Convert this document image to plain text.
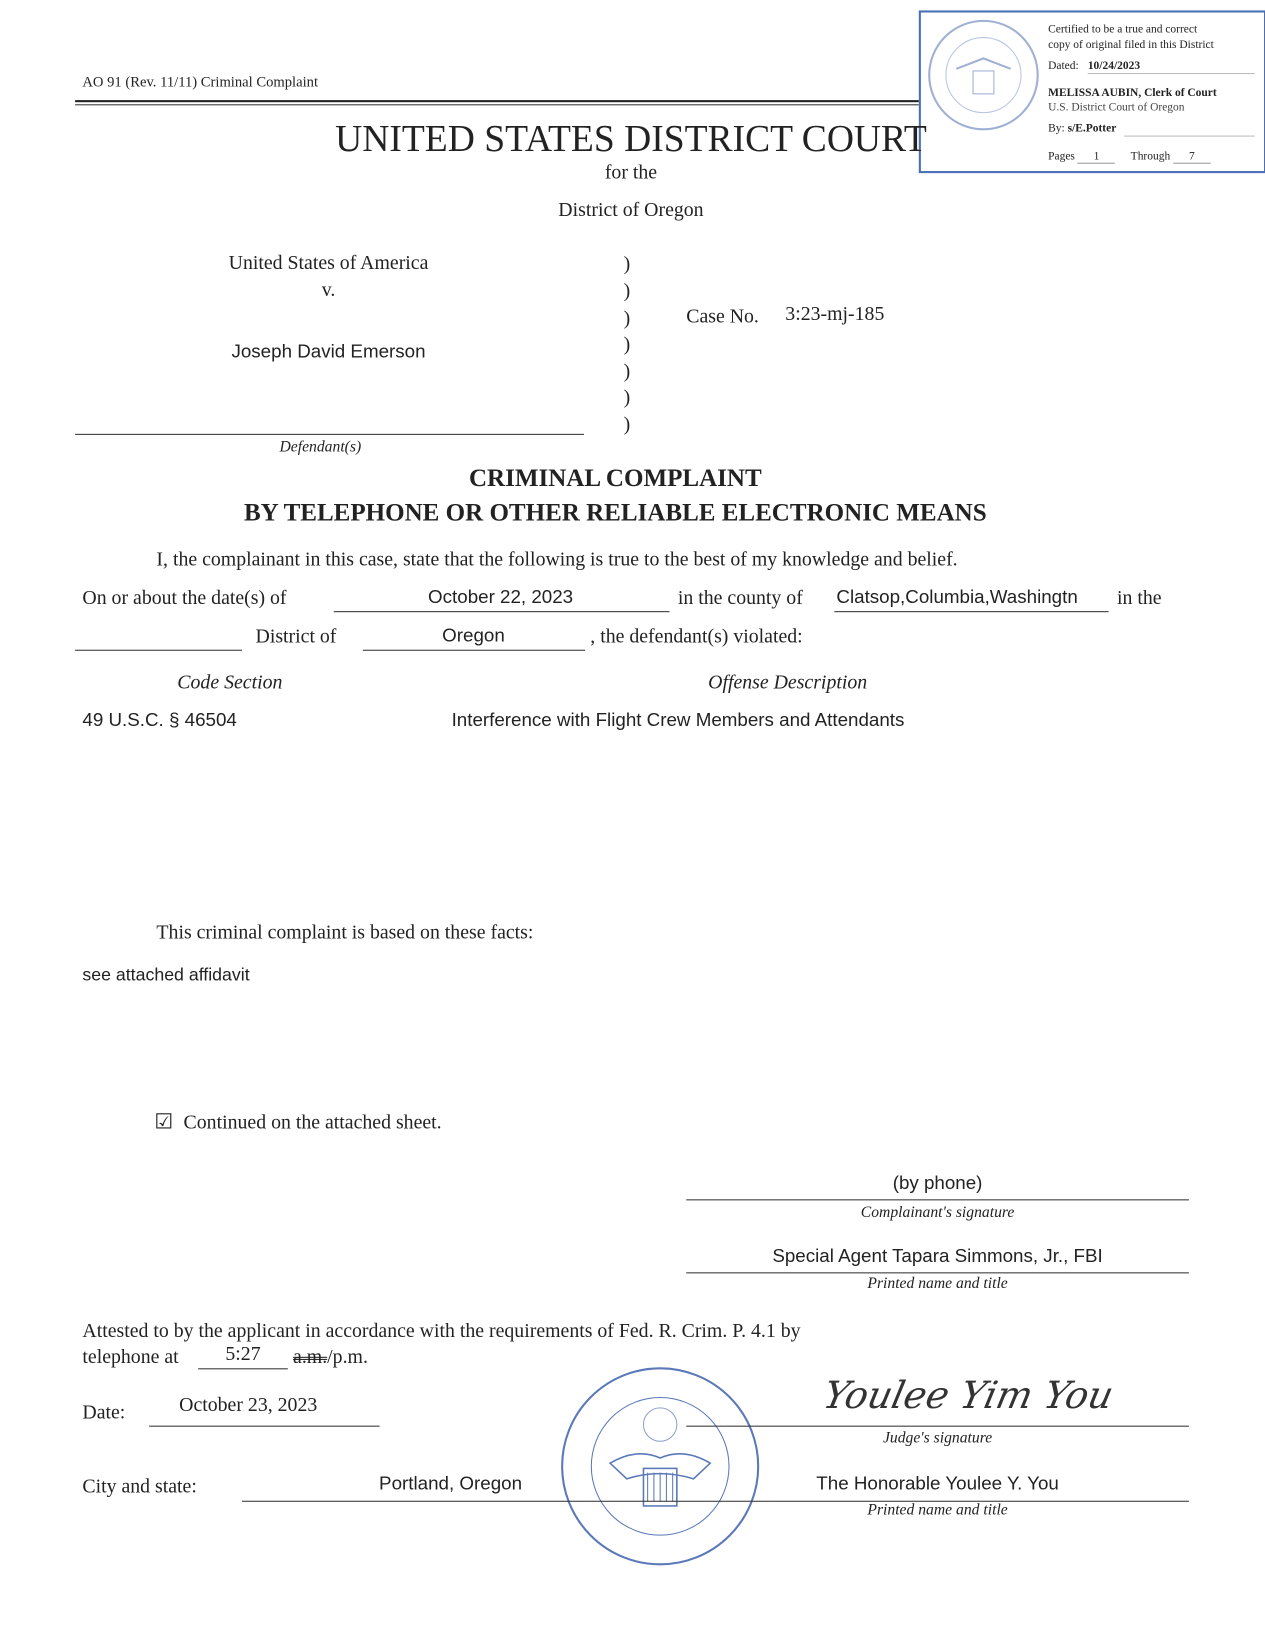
AO 91 (Rev. 11/11) Criminal Complaint
Certified to be a true and correct
copy of original filed in this District
Dated: 10/24/2023
MELISSA AUBIN, Clerk of Court
U.S. District Court of Oregon
By: s/E.Potter
Pages 1	Through 7
UNITED STATES DISTRICT COURT
for the
District of Oregon
United States of America
v.
Joseph David Emerson
Defendant(s)
)
)
)
)
)
)
)
Case No. 3:23-mj-185
CRIMINAL COMPLAINT
BY TELEPHONE OR OTHER RELIABLE ELECTRONIC MEANS
I, the complainant in this case, state that the following is true to the best of my knowledge and belief.
On or about the date(s) of	October 22, 2023	in the county of Clatsop,Columbia,Washingtn in the
District of	Oregon	, the defendant(s) violated:
Code Section	Offense Description
49 U.S.C. § 46504	Interference with Flight Crew Members and Attendants
This criminal complaint is based on these facts:
see attached affidavit
☑ Continued on the attached sheet.
(by phone)
Complainant's signature
Special Agent Tapara Simmons, Jr., FBI
Printed name and title
Attested to by the applicant in accordance with the requirements of Fed. R. Crim. P. 4.1 by
telephone at	5:27	a.m./p.m.
Date:	October 23, 2023	Youlee Yim You
Judge's signature
City and state:	Portland, Oregon	The Honorable Youlee Y. You
Printed name and title
